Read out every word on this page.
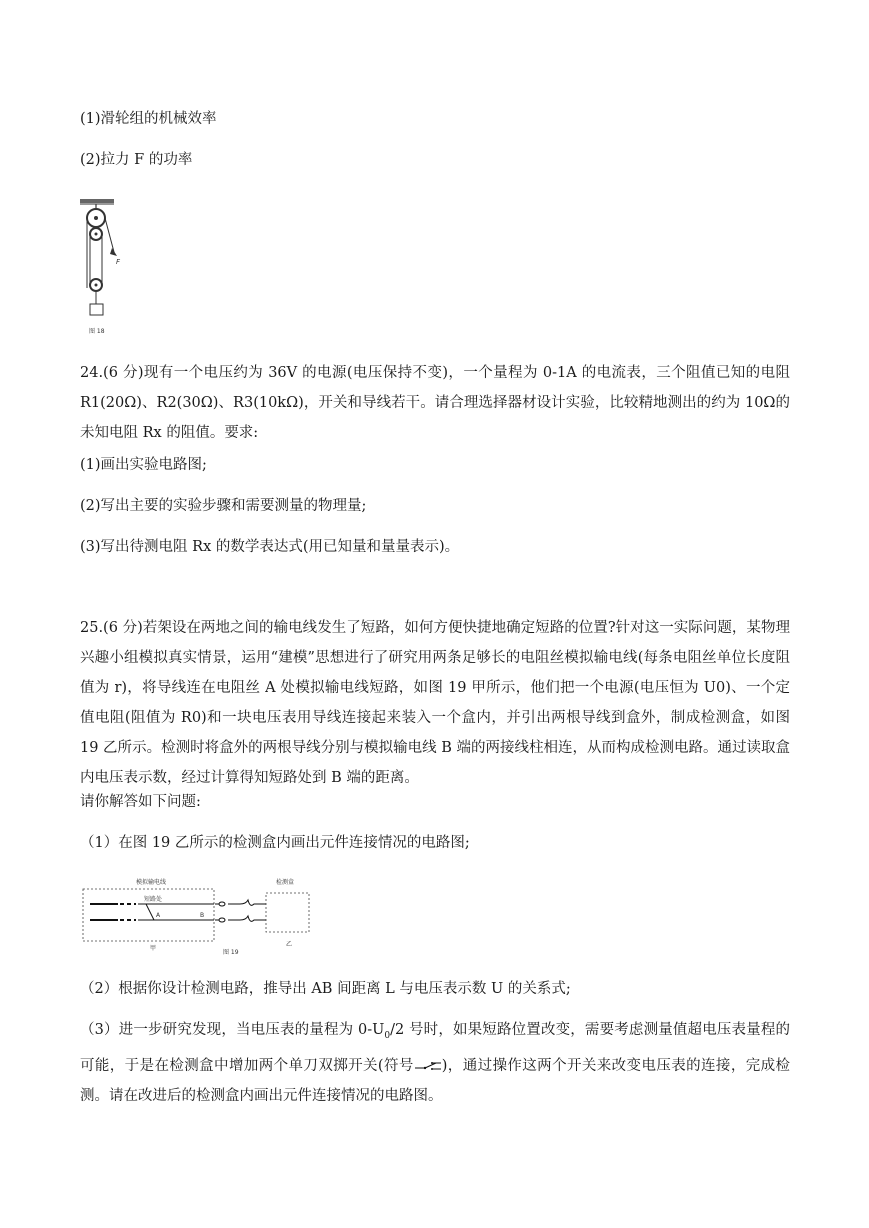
(1)滑轮组的机械效率
(2)拉力 F 的功率
F
图 18
24.(6 分)现有一个电压约为 36V 的电源(电压保持不变)，一个量程为 0-1A 的电流表，三个阻值已知的电阻 R1(20Ω)、R2(30Ω)、R3(10kΩ)，开关和导线若干。请合理选择器材设计实验，比较精地测出的约为 10Ω的未知电阻 Rx 的阻值。要求:
(1)画出实验电路图;
(2)写出主要的实验步骤和需要测量的物理量;
(3)写出待测电阻 Rx 的数学表达式(用已知量和量量表示)。
25.(6 分)若架设在两地之间的输电线发生了短路，如何方便快捷地确定短路的位置?针对这一实际问题，某物理兴趣小组模拟真实情景，运用“建模”思想进行了研究用两条足够长的电阻丝模拟输电线(每条电阻丝单位长度阻值为 r)，将导线连在电阻丝 A 处模拟输电线短路，如图 19 甲所示，他们把一个电源(电压恒为 U0)、一个定值电阻(阻值为 R0)和一块电压表用导线连接起来装入一个盒内，并引出两根导线到盒外，制成检测盒，如图 19 乙所示。检测时将盒外的两根导线分别与模拟输电线 B 端的两接线柱相连，从而构成检测电路。通过读取盒内电压表示数，经过计算得知短路处到 B 端的距离。
请你解答如下问题:
（1）在图 19 乙所示的检测盒内画出元件连接情况的电路图;
模拟输电线
短路处
A	B
甲
检测盒
乙
图 19
（2）根据你设计检测电路，推导出 AB 间距离 L 与电压表示数 U 的关系式;
（3）进一步研究发现，当电压表的量程为 $0-U_0/2$ 号时，如果短路位置改变，需要考虑测量值超电压表量程的可能，于是在检测盒中增加两个单刀双掷开关(符号 )，通过操作这两个开关来改变电压表的连接，完成检测。请在改进后的检测盒内画出元件连接情况的电路图。
